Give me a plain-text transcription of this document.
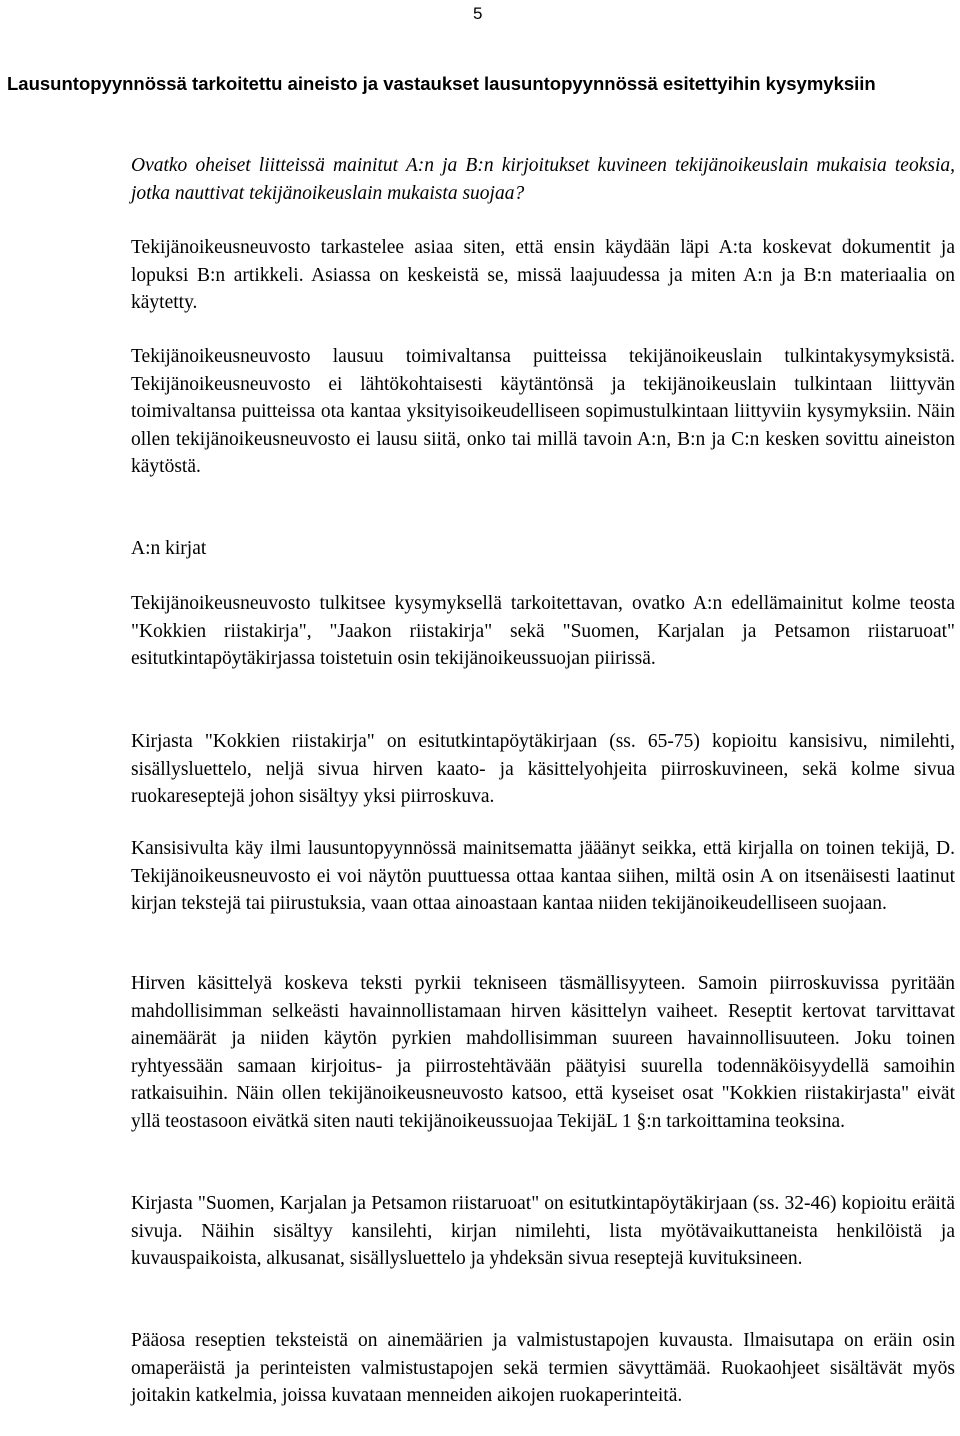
5
Lausuntopyynnössä tarkoitettu aineisto ja vastaukset lausuntopyynnössä esitettyihin kysymyksiin

Ovatko oheiset liitteissä mainitut A:n ja B:n kirjoitukset kuvineen tekijänoikeuslain mukaisia teoksia, jotka nauttivat tekijänoikeuslain mukaista suojaa?

Tekijänoikeusneuvosto tarkastelee asiaa siten, että ensin käydään läpi A:ta koskevat dokumentit ja lopuksi B:n artikkeli. Asiassa on keskeistä se, missä laajuudessa ja miten A:n ja B:n materiaalia on käytetty.

Tekijänoikeusneuvosto lausuu toimivaltansa puitteissa tekijänoikeuslain tulkintakysymyksistä. Tekijänoikeusneuvosto ei lähtökohtaisesti käytäntönsä ja tekijänoikeuslain tulkintaan liittyvän toimivaltansa puitteissa ota kantaa yksityisoikeudelliseen sopimustulkintaan liittyviin kysymyksiin. Näin ollen tekijänoikeusneuvosto ei lausu siitä, onko tai millä tavoin A:n, B:n ja C:n kesken sovittu aineiston käytöstä.

A:n kirjat

Tekijänoikeusneuvosto tulkitsee kysymyksellä tarkoitettavan, ovatko A:n edellämainitut kolme teosta "Kokkien riistakirja", "Jaakon riistakirja" sekä "Suomen, Karjalan ja Petsamon riistaruoat" esitutkintapöytäkirjassa toistetuin osin tekijänoikeussuojan piirissä.

Kirjasta "Kokkien riistakirja" on esitutkintapöytäkirjaan (ss. 65-75) kopioitu kansisivu, nimilehti, sisällysluettelo, neljä sivua hirven kaato- ja käsittelyohjeita piirroskuvineen, sekä kolme sivua ruokareseptejä johon sisältyy yksi piirroskuva.

Kansisivulta käy ilmi lausuntopyynnössä mainitsematta jääänyt seikka, että kirjalla on toinen tekijä, D. Tekijänoikeusneuvosto ei voi näytön puuttuessa ottaa kantaa siihen, miltä osin A on itsenäisesti laatinut kirjan tekstejä tai piirustuksia, vaan ottaa ainoastaan kantaa niiden tekijänoikeudelliseen suojaan.

Hirven käsittelyä koskeva teksti pyrkii tekniseen täsmällisyyteen. Samoin piirroskuvissa pyritään mahdollisimman selkeästi havainnollistamaan hirven käsittelyn vaiheet. Reseptit kertovat tarvittavat ainemäärät ja niiden käytön pyrkien mahdollisimman suureen havainnollisuuteen. Joku toinen ryhtyessään samaan kirjoitus- ja piirrostehtävään päätyisi suurella todennäköisyydellä samoihin ratkaisuihin. Näin ollen tekijänoikeusneuvosto katsoo, että kyseiset osat "Kokkien riistakirjasta" eivät yllä teostasoon eivätkä siten nauti tekijänoikeussuojaa TekijäL 1 §:n tarkoittamina teoksina.

Kirjasta "Suomen, Karjalan ja Petsamon riistaruoat" on esitutkintapöytäkirjaan (ss. 32-46) kopioitu eräitä sivuja. Näihin sisältyy kansilehti, kirjan nimilehti, lista myötävaikuttaneista henkilöistä ja kuvauspaikoista, alkusanat, sisällysluettelo ja yhdeksän sivua reseptejä kuvituksineen.

Pääosa reseptien teksteistä on ainemäärien ja valmistustapojen kuvausta. Ilmaisutapa on eräin osin omaperäistä ja perinteisten valmistustapojen sekä termien sävyttämää. Ruokaohjeet sisältävät myös joitakin katkelmia, joissa kuvataan menneiden aikojen ruokaperinteitä.
